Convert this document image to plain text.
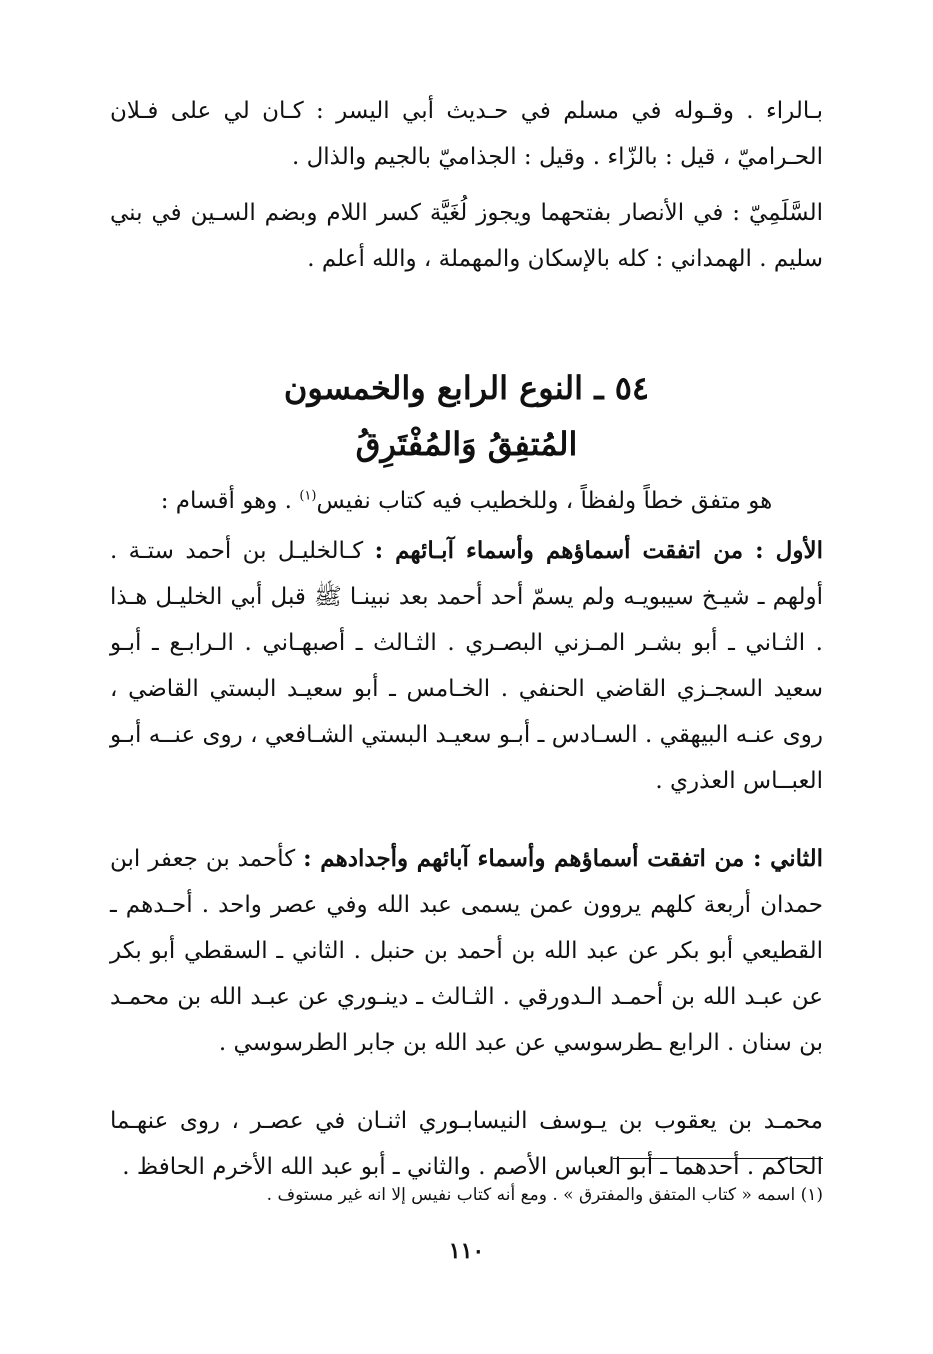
بـالراء . وقـوله في مسلم في حـديث أبي اليسر : كـان لي على فـلان الحـراميّ ، قيل : بالزّاء . وقيل : الجذاميّ بالجيم والذال .

السَّلَمِيّ : في الأنصار بفتحهما ويجوز لُغَيَّة كسر اللام وبضم السـين في بني سليم . الهمداني : كله بالإسكان والمهملة ، والله أعلم .

٥٤ ـ النوع الرابع والخمسون

المُتفِقُ وَالمُفْتَرِقُ

هو متفق خطاً ولفظاً ، وللخطيب فيه كتاب نفيس$^{(١)}$ . وهو أقسام :

الأول : من اتفقت أسماؤهم وأسماء آبـائهم : كـالخليـل بن أحمد ستـة . أولهم ـ شيـخ سيبويـه ولم يسمّ أحد أحمد بعد نبينـا ﷺ قبل أبي الخليـل هـذا . الثـاني ـ أبو بشـر المـزني البصـري . الثـالث ـ أصبهـاني . الـرابـع ـ أبـو سعيد السجـزي القاضي الحنفي . الخـامس ـ أبو سعيـد البستي القاضي ، روى عنـه البيهقي . السـادس ـ أبـو سعيـد البستي الشـافعي ، روى عنــه أبـو العبــاس العذري .

الثاني : من اتفقت أسماؤهم وأسماء آبائهم وأجدادهم : كأحمد بن جعفر ابن حمدان أربعة كلهم يروون عمن يسمى عبد الله وفي عصر واحد . أحـدهم ـ القطيعي أبو بكر عن عبد الله بن أحمد بن حنبل . الثاني ـ السقطي أبو بكر عن عبـد الله بن أحمـد الـدورقي . الثـالث ـ دينـوري عن عبـد الله بن محمـد بن سنان . الرابع ـطرسوسي عن عبد الله بن جابر الطرسوسي .

محمـد بن يعقوب بن يـوسف النيسابـوري اثنـان في عصـر ، روى عنهـما الحاكم . أحدهما ـ أبو العباس الأصم . والثاني ـ أبو عبد الله الأخرم الحافظ .

(١) اسمه « كتاب المتفق والمفترق » . ومع أنه كتاب نفيس إلا انه غير مستوف .

١١٠
